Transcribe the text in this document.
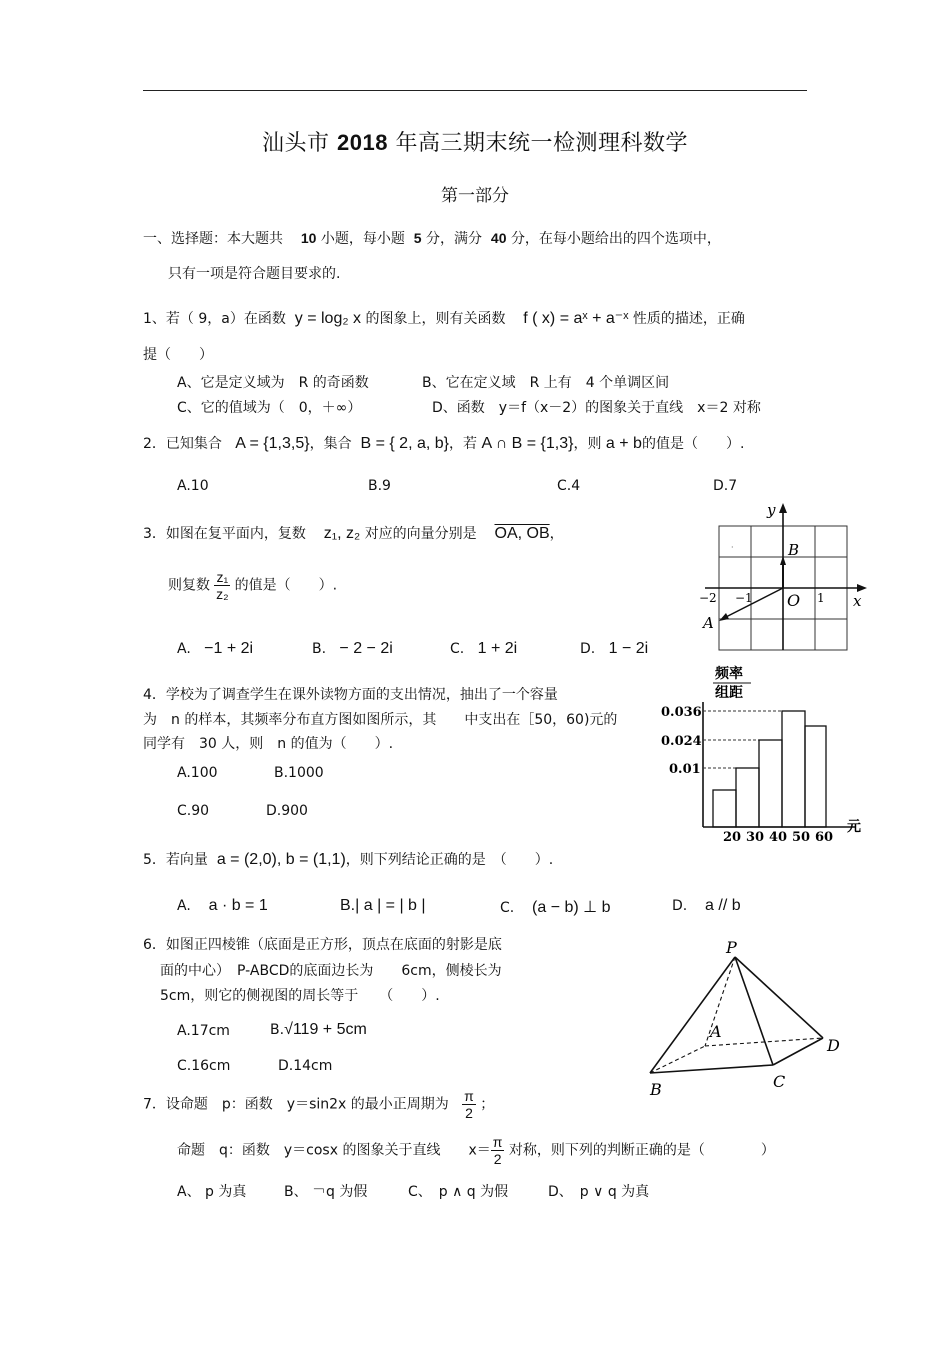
汕头市 2018 年高三期末统一检测理科数学
第一部分
一、选择题：本大题共 10 小题，每小题 5 分，满分 40 分，在每小题给出的四个选项中，
只有一项是符合题目要求的.
1、若（ 9，a）在函数 y = log₂ x 的图象上，则有关函数 f ( x) = aˣ + a⁻ˣ 性质的描述，正确
提（　　）
A、它是定义域为　R 的奇函数	B、它在定义域　R 上有　4 个单调区间
C、它的值域为（　0，＋∞）	D、函数　y＝f（x－2）的图象关于直线　x＝2 对称
2．已知集合 A = {1,3,5}，集合 B = { 2, a, b}，若 A ∩ B = {1,3}，则 a + b的值是（　　）.
A.10	B.9	C.4	D.7
3．如图在复平面内，复数 z₁, z₂ 对应的向量分别是 OA, OB，
则复数 $\frac{\text{z₁}}{\text{z₂}}$ 的值是（　　）.
A. −1 + 2i	B. − 2 − 2i	C. 1 + 2i	D. 1 − 2i
y
x
B
O
A
−2 −1	1
·
4．学校为了调查学生在课外读物方面的支出情况，抽出了一个容量
为　n 的样本，其频率分布直方图如图所示，其　　中支出在［50，60)元的
同学有　30 人，则　n 的值为（　　）.
A.100	B.1000
C.90	D.900
频率
组距
0.036
0.024
0.01
20 30 40 50 60
元
5．若向量 a = (2,0), b = (1,1)，则下列结论正确的是　（　　）.
A. a · b = 1	B.| a | = | b |	C. (a − b) ⊥ b	D. a // b
6．如图正四棱锥（底面是正方形，顶点在底面的射影是底
面的中心）　P-ABCD的底面边长为　　6cm，侧棱长为
5cm，则它的侧视图的周长等于　　（　　）.
A.17cm	B.√119 + 5cm
C.16cm	D.14cm
P
A
B	C
D
7．设命题　p：函数　y＝sin2x 的最小正周期为 $\frac{\pi}{2}$ ；
命题　q：函数　y＝cosx 的图象关于直线　　$x= \frac{\pi}{2}$ 对称，则下列的判断正确的是（　　　　）
A、 p 为真	B、 ￢q 为假	C、　p ∧ q 为假	D、　p ∨ q 为真
